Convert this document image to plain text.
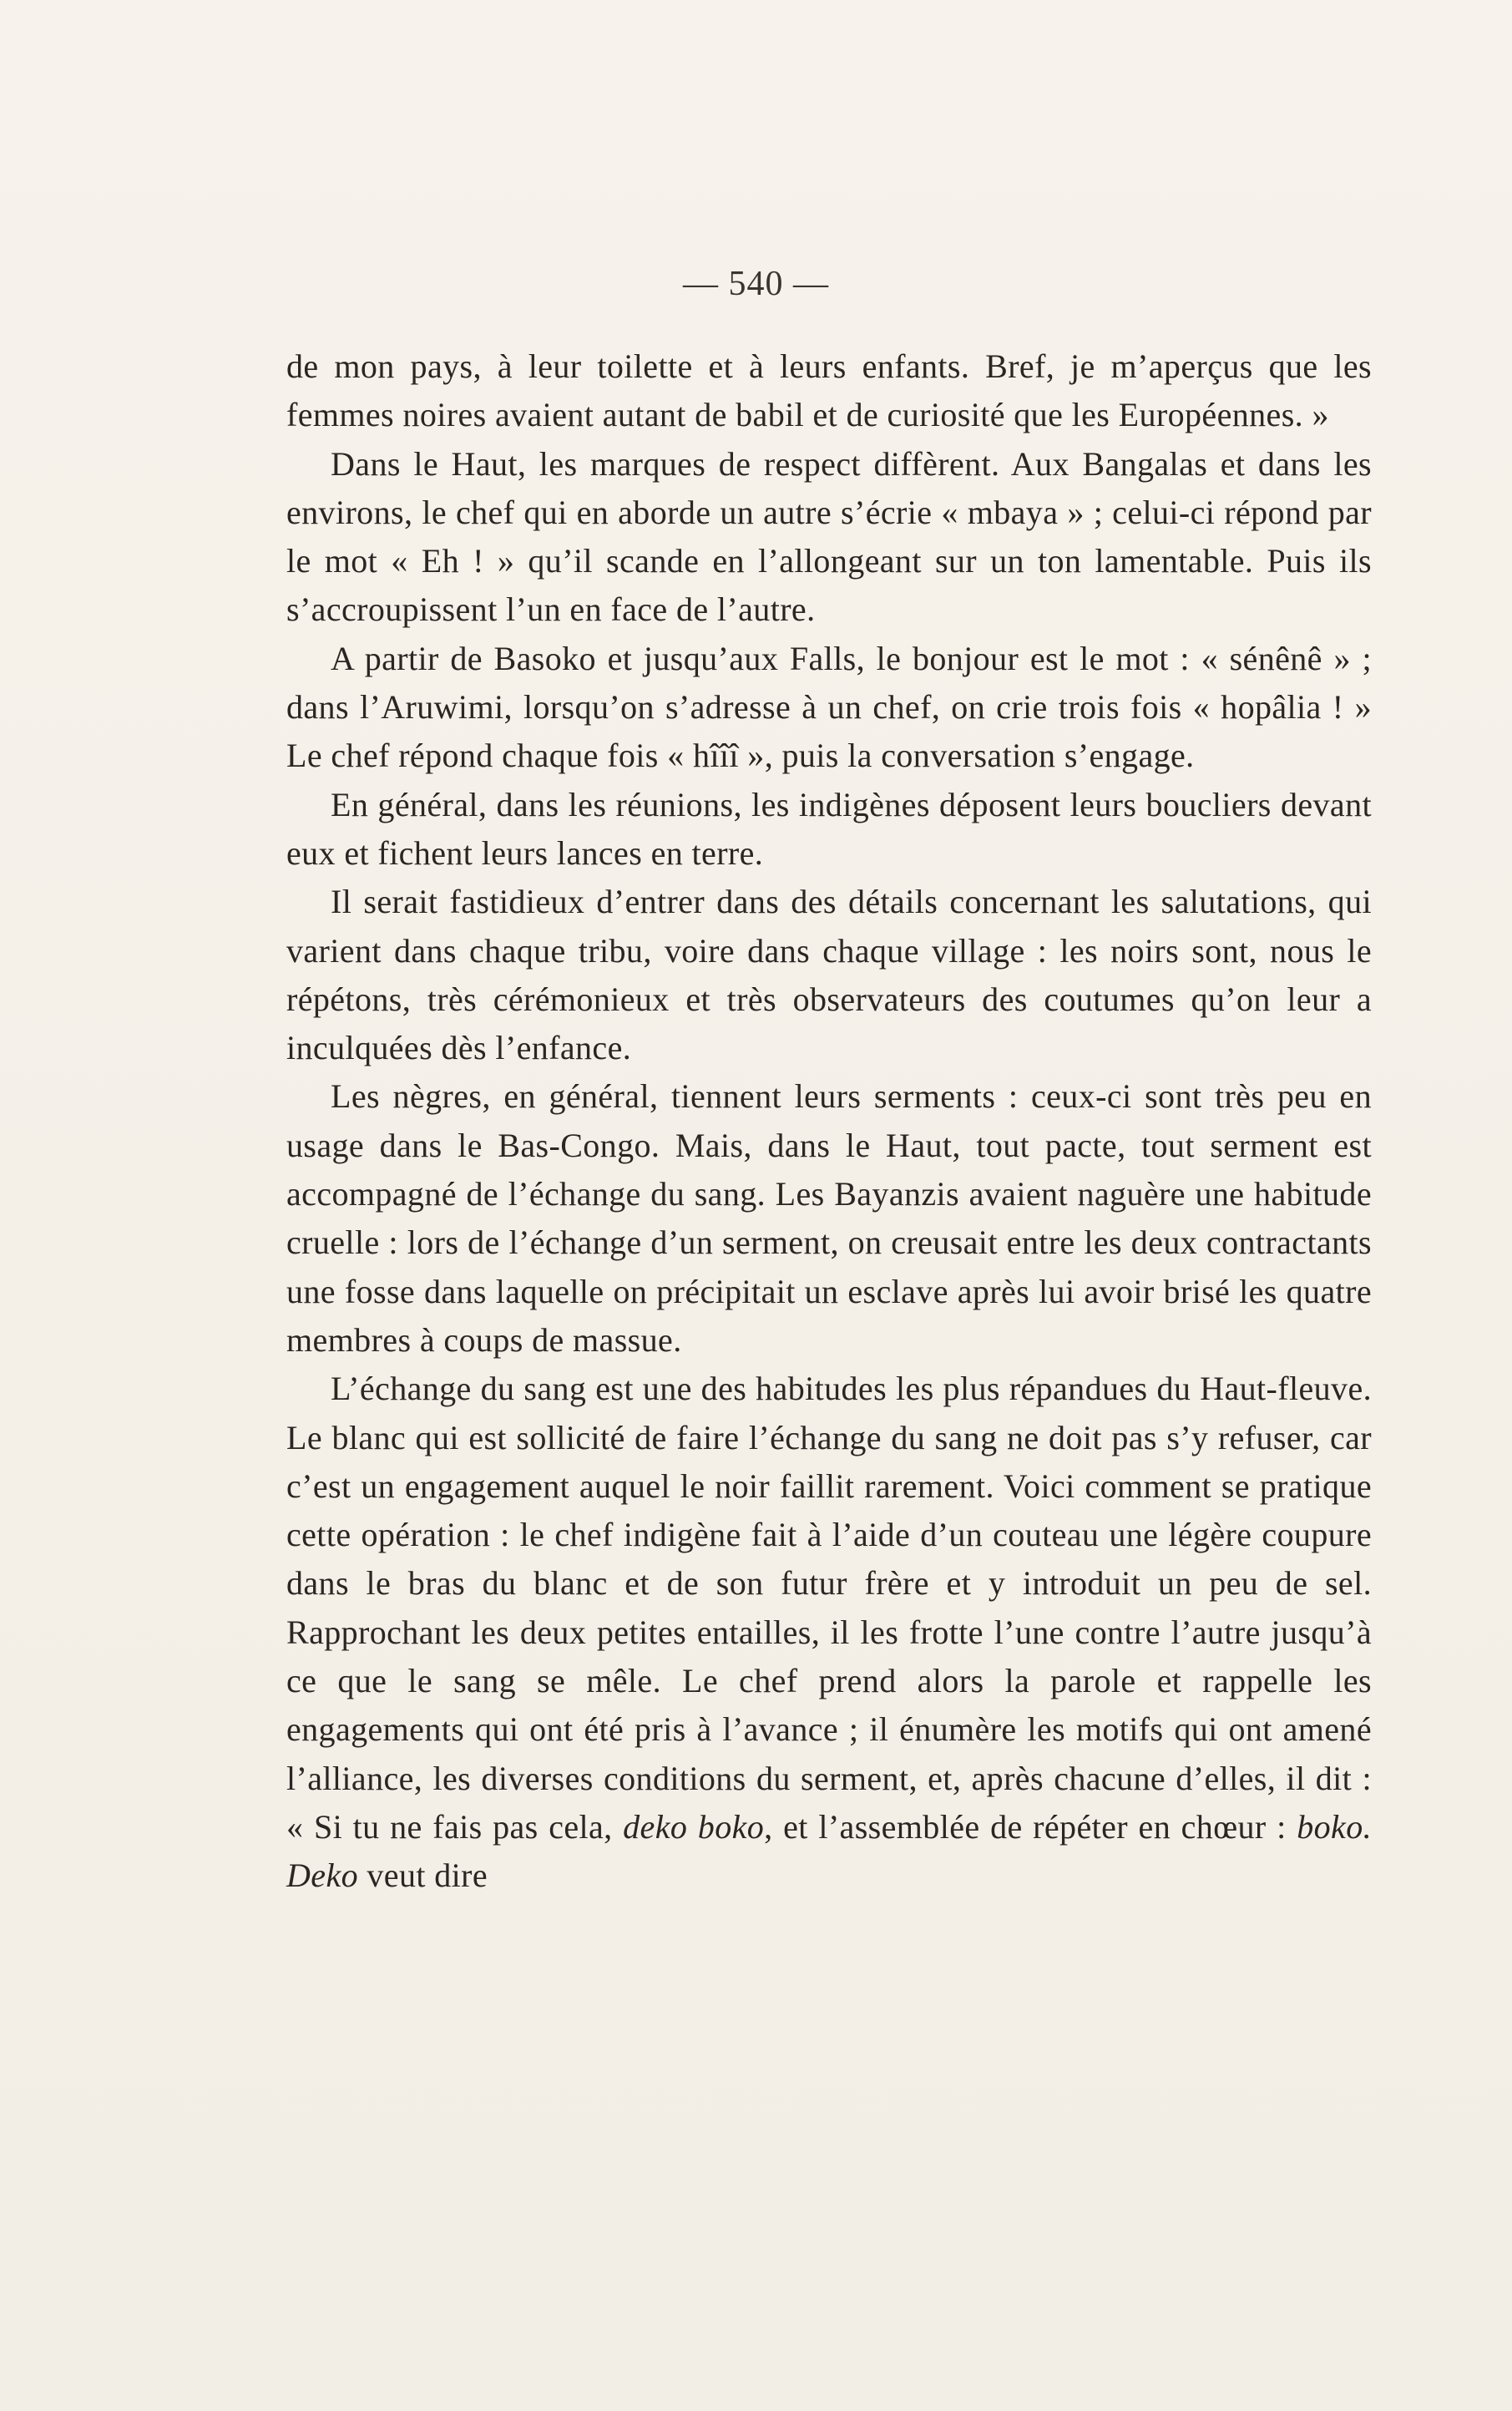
— 540 —

de mon pays, à leur toilette et à leurs enfants. Bref, je m’aperçus que les femmes noires avaient autant de babil et de curiosité que les Européennes. »

Dans le Haut, les marques de respect diffèrent. Aux Bangalas et dans les environs, le chef qui en aborde un autre s’écrie « mbaya » ; celui-ci répond par le mot « Eh ! » qu’il scande en l’allongeant sur un ton lamentable. Puis ils s’accroupissent l’un en face de l’autre.

A partir de Basoko et jusqu’aux Falls, le bonjour est le mot : « sénênê » ; dans l’Aruwimi, lorsqu’on s’adresse à un chef, on crie trois fois « hopâlia ! » Le chef répond chaque fois « hîîî », puis la conversation s’engage.

En général, dans les réunions, les indigènes déposent leurs boucliers devant eux et fichent leurs lances en terre.

Il serait fastidieux d’entrer dans des détails concernant les salutations, qui varient dans chaque tribu, voire dans chaque village : les noirs sont, nous le répétons, très cérémonieux et très observateurs des coutumes qu’on leur a inculquées dès l’enfance.

Les nègres, en général, tiennent leurs serments : ceux-ci sont très peu en usage dans le Bas-Congo. Mais, dans le Haut, tout pacte, tout serment est accompagné de l’échange du sang. Les Bayanzis avaient naguère une habitude cruelle : lors de l’échange d’un serment, on creusait entre les deux contractants une fosse dans laquelle on précipitait un esclave après lui avoir brisé les quatre membres à coups de massue.

L’échange du sang est une des habitudes les plus répandues du Haut-fleuve. Le blanc qui est sollicité de faire l’échange du sang ne doit pas s’y refuser, car c’est un engagement auquel le noir faillit rarement. Voici comment se pratique cette opération : le chef indigène fait à l’aide d’un couteau une légère coupure dans le bras du blanc et de son futur frère et y introduit un peu de sel. Rapprochant les deux petites entailles, il les frotte l’une contre l’autre jusqu’à ce que le sang se mêle. Le chef prend alors la parole et rappelle les engagements qui ont été pris à l’avance ; il énumère les motifs qui ont amené l’alliance, les diverses conditions du serment, et, après chacune d’elles, il dit : « Si tu ne fais pas cela, deko boko, et l’assemblée de répéter en chœur : boko. Deko veut dire
